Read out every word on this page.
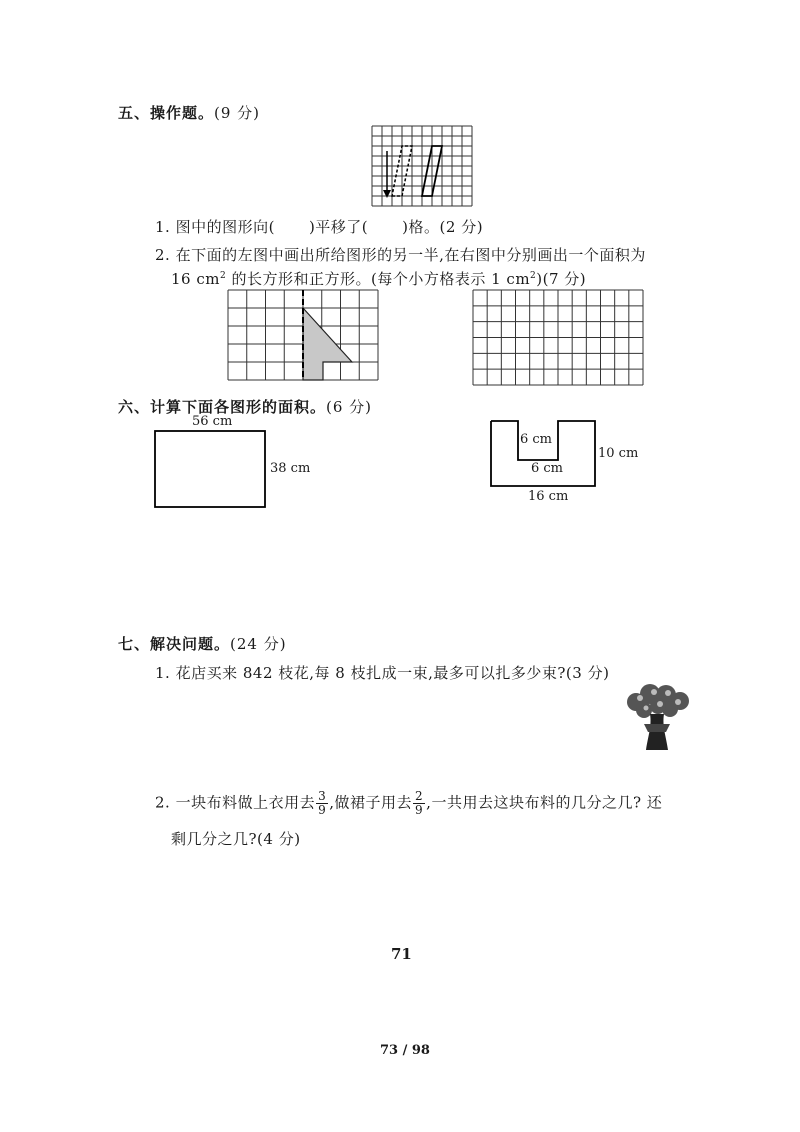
五、操作题。(9 分)
1. 图中的图形向( )平移了( )格。(2 分)
2. 在下面的左图中画出所给图形的另一半,在右图中分别画出一个面积为
16 $cm^2$ 的长方形和正方形。(每个小方格表示 1 $cm^2)(7$ 分)
六、计算下面各图形的面积。(6 分)
56 cm
38 cm
6 cm
6 cm
10 cm
16 cm
七、解决问题。(24 分)
1. 花店买来 842 枝花,每 8 枝扎成一束,最多可以扎多少束?(3 分)
2. 一块布料做上衣用去 $\frac{3}{9}$ ,做裙子用去 $\frac{2}{9}$ ,一共用去这块布料的几分之几? 还
剩几分之几?(4 分)
71
73 / 98
